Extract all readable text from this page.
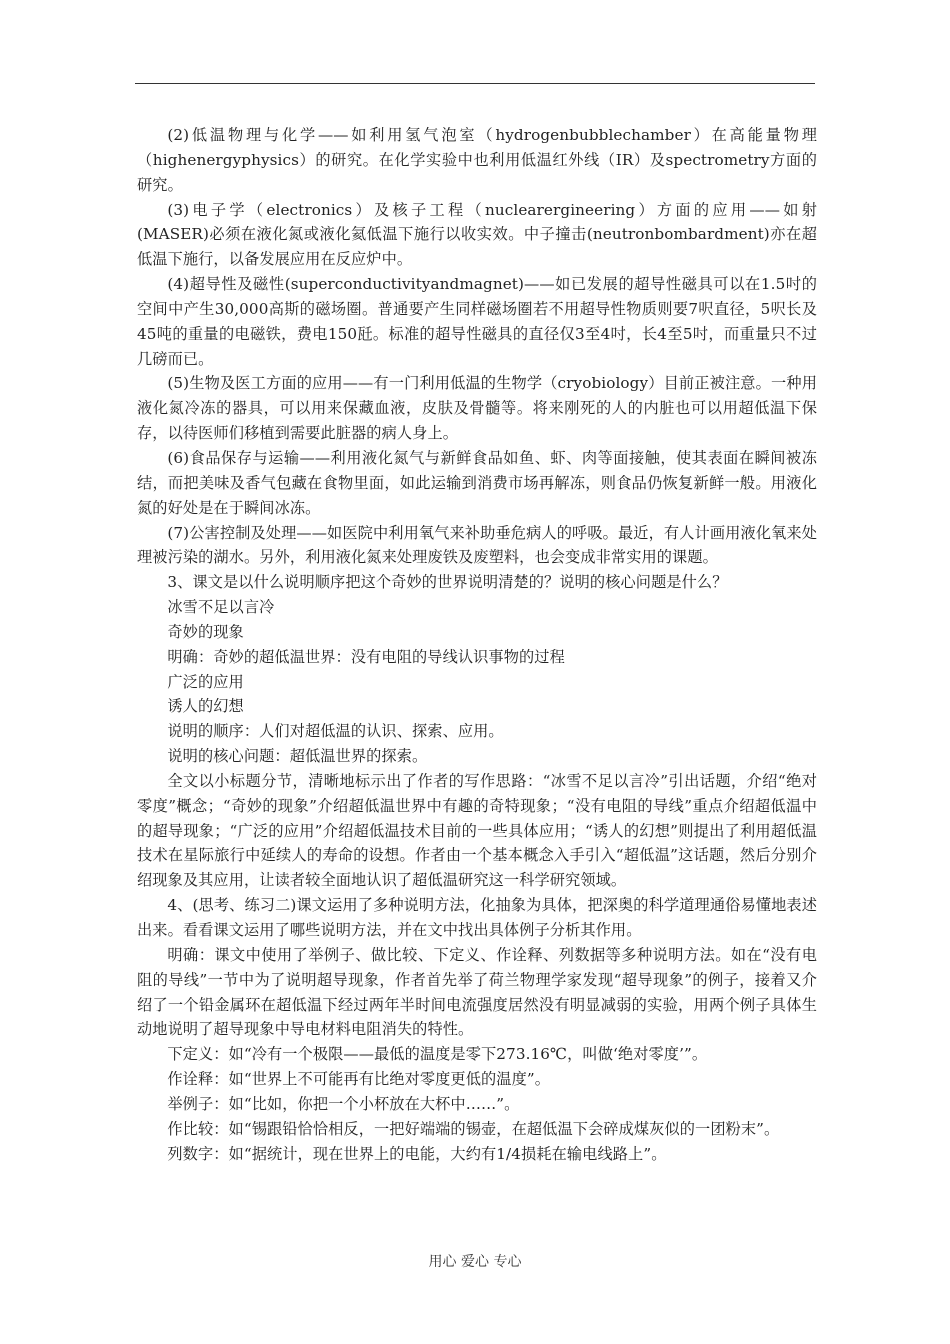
(2)低温物理与化学——如利用氢气泡室（hydrogenbubblechamber）在高能量物理（highenergyphysics）的研究。在化学实验中也利用低温红外线（IR）及spectrometry方面的研究。

(3)电子学（electronics）及核子工程（nuclearergineering）方面的应用——如射(MASER)必须在液化氮或液化氦低温下施行以收实效。中子撞击(neutronbombardment)亦在超低温下施行，以备发展应用在反应炉中。

(4)超导性及磁性(superconductivityandmagnet)——如已发展的超导性磁具可以在1.5吋的空间中产生30,000高斯的磁场圈。普通要产生同样磁场圈若不用超导性物质则要7呎直径，5呎长及45吨的重量的电磁铁，费电150瓩。标准的超导性磁具的直径仅3至4吋，长4至5吋，而重量只不过几磅而已。

(5)生物及医工方面的应用——有一门利用低温的生物学（cryobiology）目前正被注意。一种用液化氮冷冻的器具，可以用来保藏血液，皮肤及骨髓等。将来刚死的人的内脏也可以用超低温下保存，以待医师们移植到需要此脏器的病人身上。

(6)食品保存与运输——利用液化氮气与新鲜食品如鱼、虾、肉等面接触，使其表面在瞬间被冻结，而把美味及香气包藏在食物里面，如此运输到消费市场再解冻，则食品仍恢复新鲜一般。用液化氮的好处是在于瞬间冰冻。

(7)公害控制及处理——如医院中利用氧气来补助垂危病人的呼吸。最近，有人计画用液化氧来处理被污染的湖水。另外，利用液化氮来处理废铁及废塑料，也会变成非常实用的课题。

3、课文是以什么说明顺序把这个奇妙的世界说明清楚的？说明的核心问题是什么？

冰雪不足以言冷

奇妙的现象

明确：奇妙的超低温世界：没有电阻的导线认识事物的过程

广泛的应用

诱人的幻想

说明的顺序：人们对超低温的认识、探索、应用。

说明的核心问题：超低温世界的探索。

全文以小标题分节，清晰地标示出了作者的写作思路：“冰雪不足以言冷”引出话题，介绍“绝对零度”概念；“奇妙的现象”介绍超低温世界中有趣的奇特现象；“没有电阻的导线”重点介绍超低温中的超导现象；“广泛的应用”介绍超低温技术目前的一些具体应用；“诱人的幻想”则提出了利用超低温技术在星际旅行中延续人的寿命的设想。作者由一个基本概念入手引入“超低温”这话题，然后分别介绍现象及其应用，让读者较全面地认识了超低温研究这一科学研究领域。

4、(思考、练习二)课文运用了多种说明方法，化抽象为具体，把深奥的科学道理通俗易懂地表述出来。看看课文运用了哪些说明方法，并在文中找出具体例子分析其作用。

明确：课文中使用了举例子、做比较、下定义、作诠释、列数据等多种说明方法。如在“没有电阻的导线”一节中为了说明超导现象，作者首先举了荷兰物理学家发现“超导现象”的例子，接着又介绍了一个铅金属环在超低温下经过两年半时间电流强度居然没有明显减弱的实验，用两个例子具体生动地说明了超导现象中导电材料电阻消失的特性。

下定义：如“冷有一个极限——最低的温度是零下273.16℃，叫做‘绝对零度’”。

作诠释：如“世界上不可能再有比绝对零度更低的温度”。

举例子：如“比如，你把一个小杯放在大杯中……”。

作比较：如“锡跟铅恰恰相反，一把好端端的锡壶，在超低温下会碎成煤灰似的一团粉末”。

列数字：如“据统计，现在世界上的电能，大约有1/4损耗在输电线路上”。

用心 爱心 专心
